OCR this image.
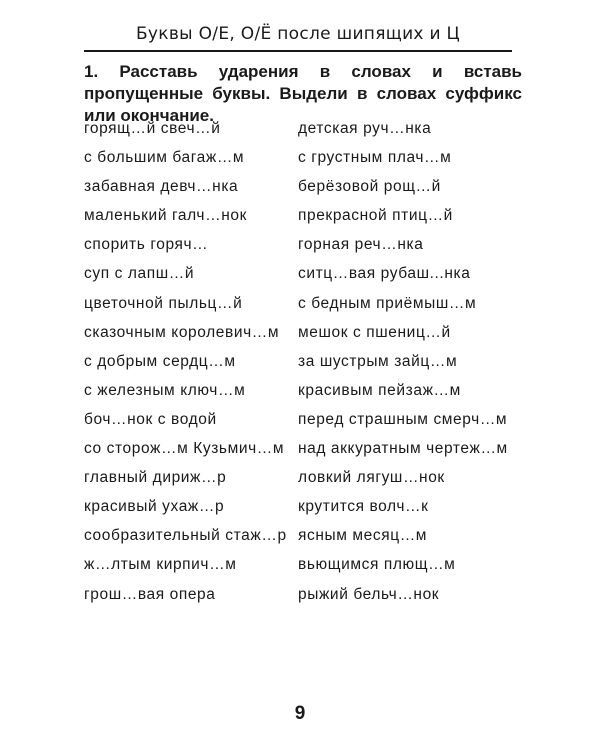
Буквы О/Е, О/Ё после шипящих и Ц
1. Расставь ударения в словах и вставь пропущенные буквы. Выдели в словах суффикс или окончание.
горящ…й свеч…й
с большим багаж…м
забавная девч…нка
маленький галч…нок
спорить горяч…
суп с лапш…й
цветочной пыльц…й
сказочным королевич…м
с добрым сердц…м
с железным ключ…м
боч…нок с водой
со сторож…м Кузьмич…м
главный дириж…р
красивый ухаж…р
сообразительный стаж…р
ж…лтым кирпич…м
грош…вая опера
детская руч…нка
с грустным плач…м
берёзовой рощ…й
прекрасной птиц…й
горная реч…нка
ситц…вая рубаш...нка
с бедным приёмыш…м
мешок с пшениц…й
за шустрым зайц…м
красивым пейзаж…м
перед страшным смерч…м
над аккуратным чертеж…м
ловкий лягуш…нок
крутится волч…к
ясным месяц…м
вьющимся плющ…м
рыжий бельч…нок
9
